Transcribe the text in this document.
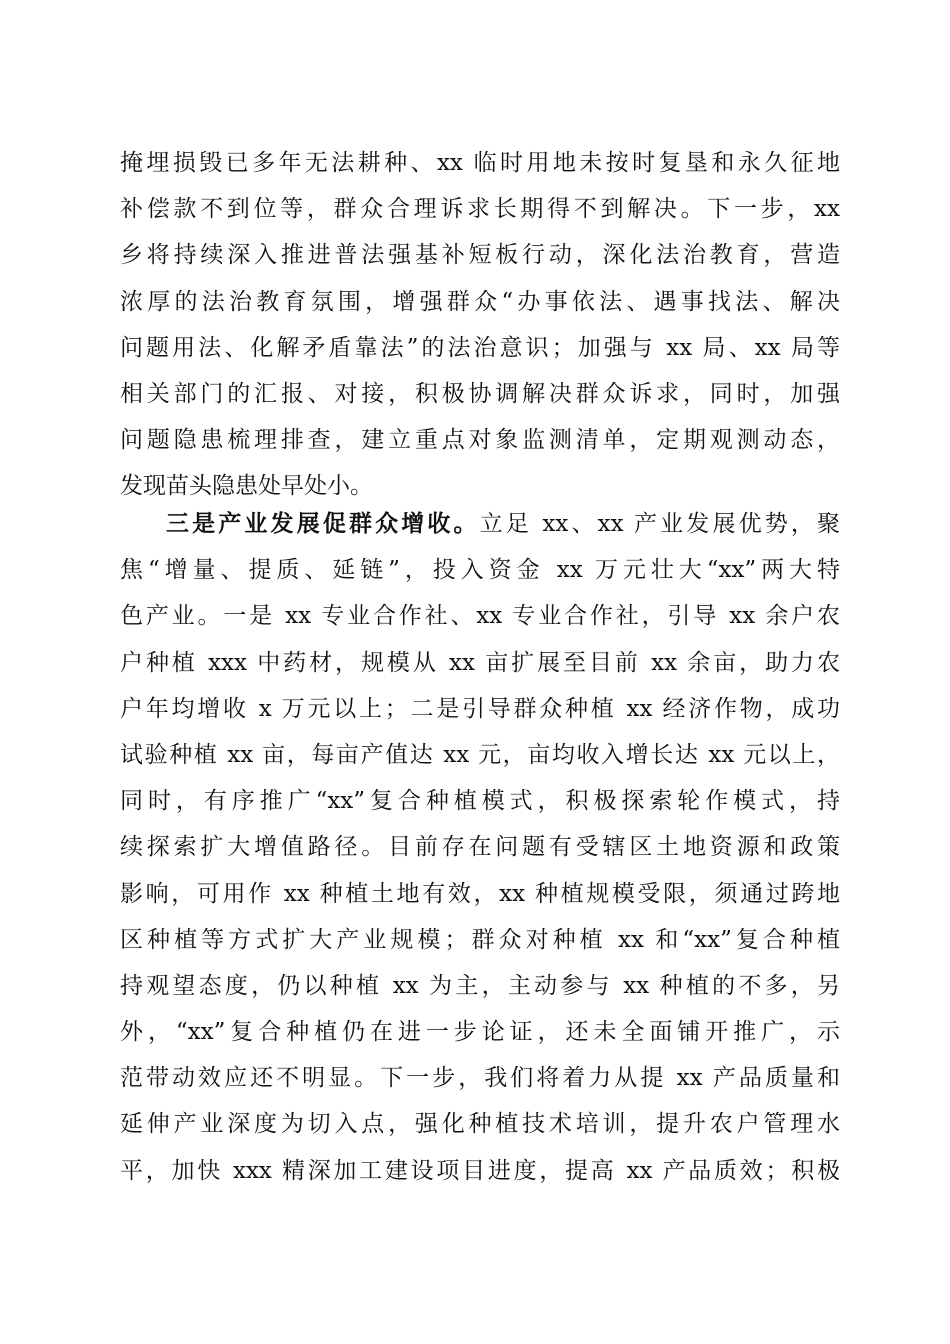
掩埋损毁已多年无法耕种、xx 临时用地未按时复垦和永久征地
补偿款不到位等，群众合理诉求长期得不到解决。下一步，xx
乡将持续深入推进普法强基补短板行动，深化法治教育，营造
浓厚的法治教育氛围，增强群众“办事依法、遇事找法、解决
问题用法、化解矛盾靠法”的法治意识；加强与 xx 局、xx 局等
相关部门的汇报、对接，积极协调解决群众诉求，同时，加强
问题隐患梳理排查，建立重点对象监测清单，定期观测动态，
发现苗头隐患处早处小。
三是产业发展促群众增收。立足 xx、xx 产业发展优势，聚
焦“增量、提质、延链”，投入资金 xx 万元壮大“xx”两大特
色产业。一是 xx 专业合作社、xx 专业合作社，引导 xx 余户农
户种植 xxx 中药材，规模从 xx 亩扩展至目前 xx 余亩，助力农
户年均增收 x 万元以上；二是引导群众种植 xx 经济作物，成功
试验种植 xx 亩，每亩产值达 xx 元，亩均收入增长达 xx 元以上，
同时，有序推广“xx”复合种植模式，积极探索轮作模式，持
续探索扩大增值路径。目前存在问题有受辖区土地资源和政策
影响，可用作 xx 种植土地有效，xx 种植规模受限，须通过跨地
区种植等方式扩大产业规模；群众对种植 xx 和“xx”复合种植
持观望态度，仍以种植 xx 为主，主动参与 xx 种植的不多，另
外，“xx”复合种植仍在进一步论证，还未全面铺开推广，示
范带动效应还不明显。下一步，我们将着力从提 xx 产品质量和
延伸产业深度为切入点，强化种植技术培训，提升农户管理水
平，加快 xxx 精深加工建设项目进度，提高 xx 产品质效；积极
